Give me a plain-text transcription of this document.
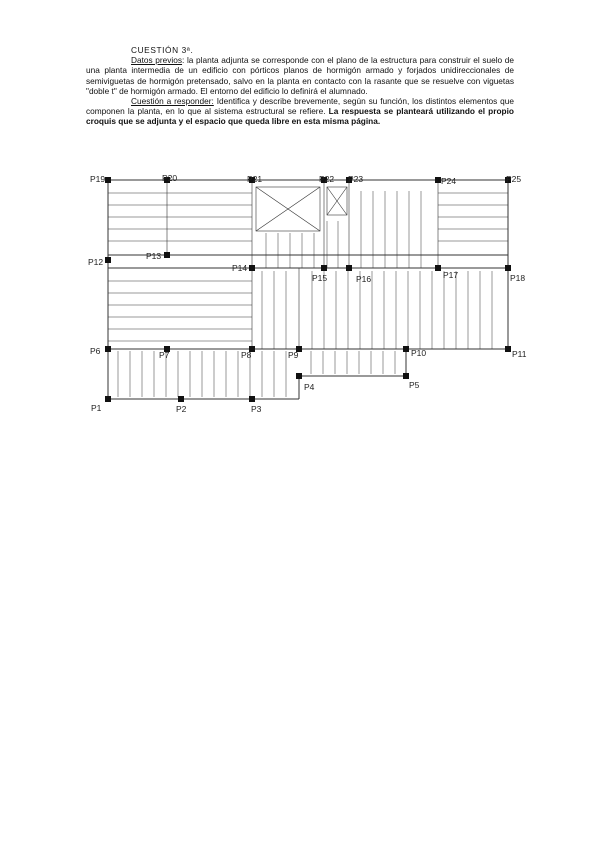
CUESTIÓN 3ª.

Datos previos: la planta adjunta se corresponde con el plano de la estructura para construir el suelo de una planta intermedia de un edificio con pórticos planos de hormigón armado y forjados unidireccionales de semiviguetas de hormigón pretensado, salvo en la planta en contacto con la rasante que se resuelve con viguetas "doble t" de hormigón armado. El entorno del edificio lo definirá el alumnado.

Cuestión a responder: Identifica y describe brevemente, según su función, los distintos elementos que componen la planta, en lo que al sistema estructural se refiere. La respuesta se planteará utilizando el propio croquis que se adjunta y el espacio que queda libre en esta misma página.

P19	P20	P21	P22 P23	P24	P25
P12
P13
P14
P15	P16	P17	P18
P6	P7	P8	P9	P10	P11
P4	P5
P1	P2	P3
